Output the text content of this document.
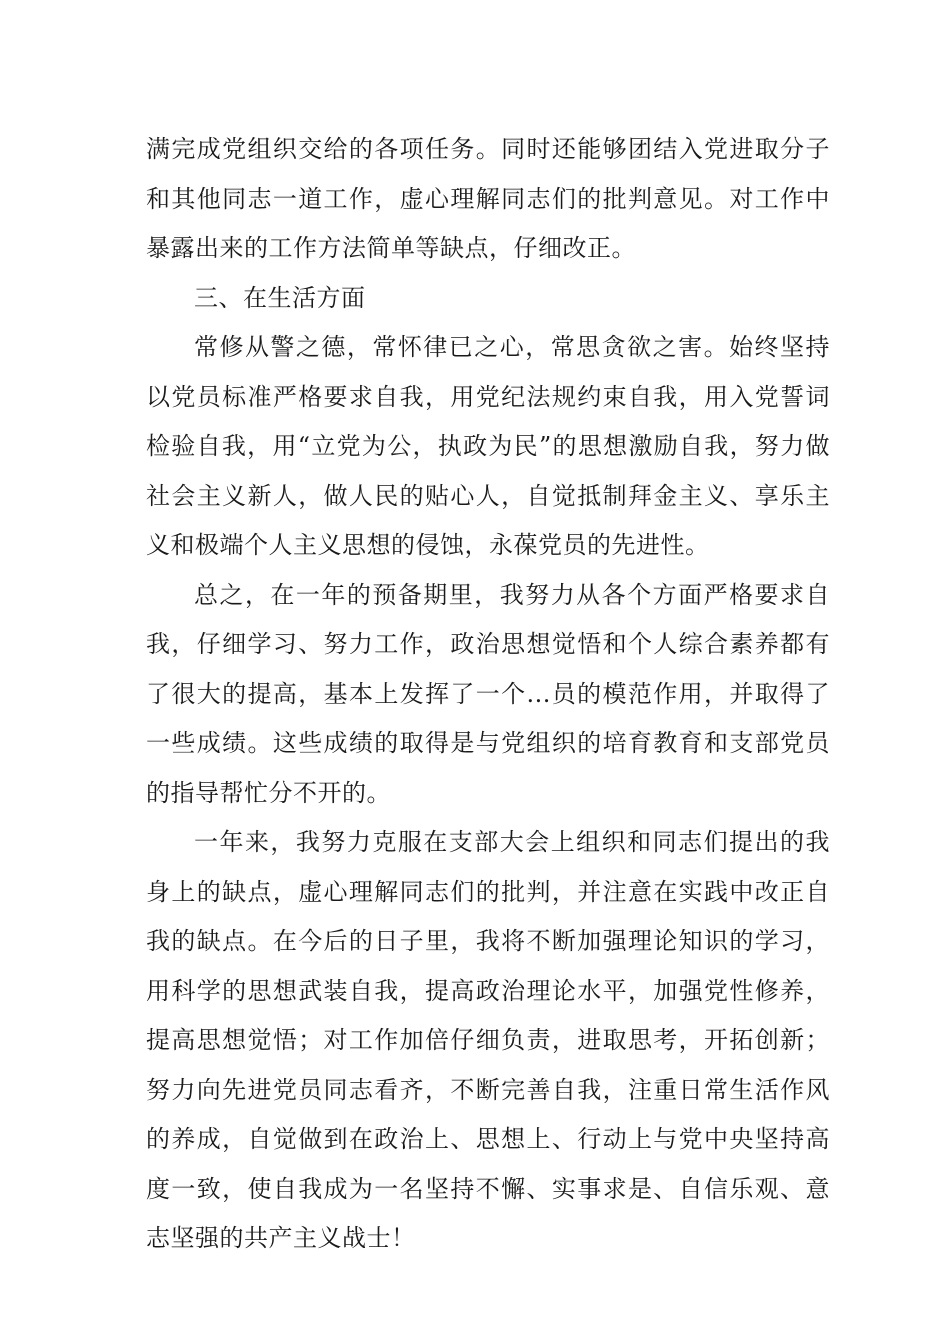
满完成党组织交给的各项任务。同时还能够团结入党进取分子和其他同志一道工作，虚心理解同志们的批判意见。对工作中暴露出来的工作方法简单等缺点，仔细改正。

三、在生活方面

常修从警之德，常怀律已之心，常思贪欲之害。始终坚持以党员标准严格要求自我，用党纪法规约束自我，用入党誓词检验自我，用“立党为公，执政为民”的思想激励自我，努力做社会主义新人，做人民的贴心人，自觉抵制拜金主义、享乐主义和极端个人主义思想的侵蚀，永葆党员的先进性。

总之，在一年的预备期里，我努力从各个方面严格要求自我，仔细学习、努力工作，政治思想觉悟和个人综合素养都有了很大的提高，基本上发挥了一个...员的模范作用，并取得了一些成绩。这些成绩的取得是与党组织的培育教育和支部党员的指导帮忙分不开的。

一年来，我努力克服在支部大会上组织和同志们提出的我身上的缺点，虚心理解同志们的批判，并注意在实践中改正自我的缺点。在今后的日子里，我将不断加强理论知识的学习，用科学的思想武装自我，提高政治理论水平，加强党性修养，提高思想觉悟；对工作加倍仔细负责，进取思考，开拓创新；努力向先进党员同志看齐，不断完善自我，注重日常生活作风的养成，自觉做到在政治上、思想上、行动上与党中央坚持高度一致，使自我成为一名坚持不懈、实事求是、自信乐观、意志坚强的共产主义战士！
